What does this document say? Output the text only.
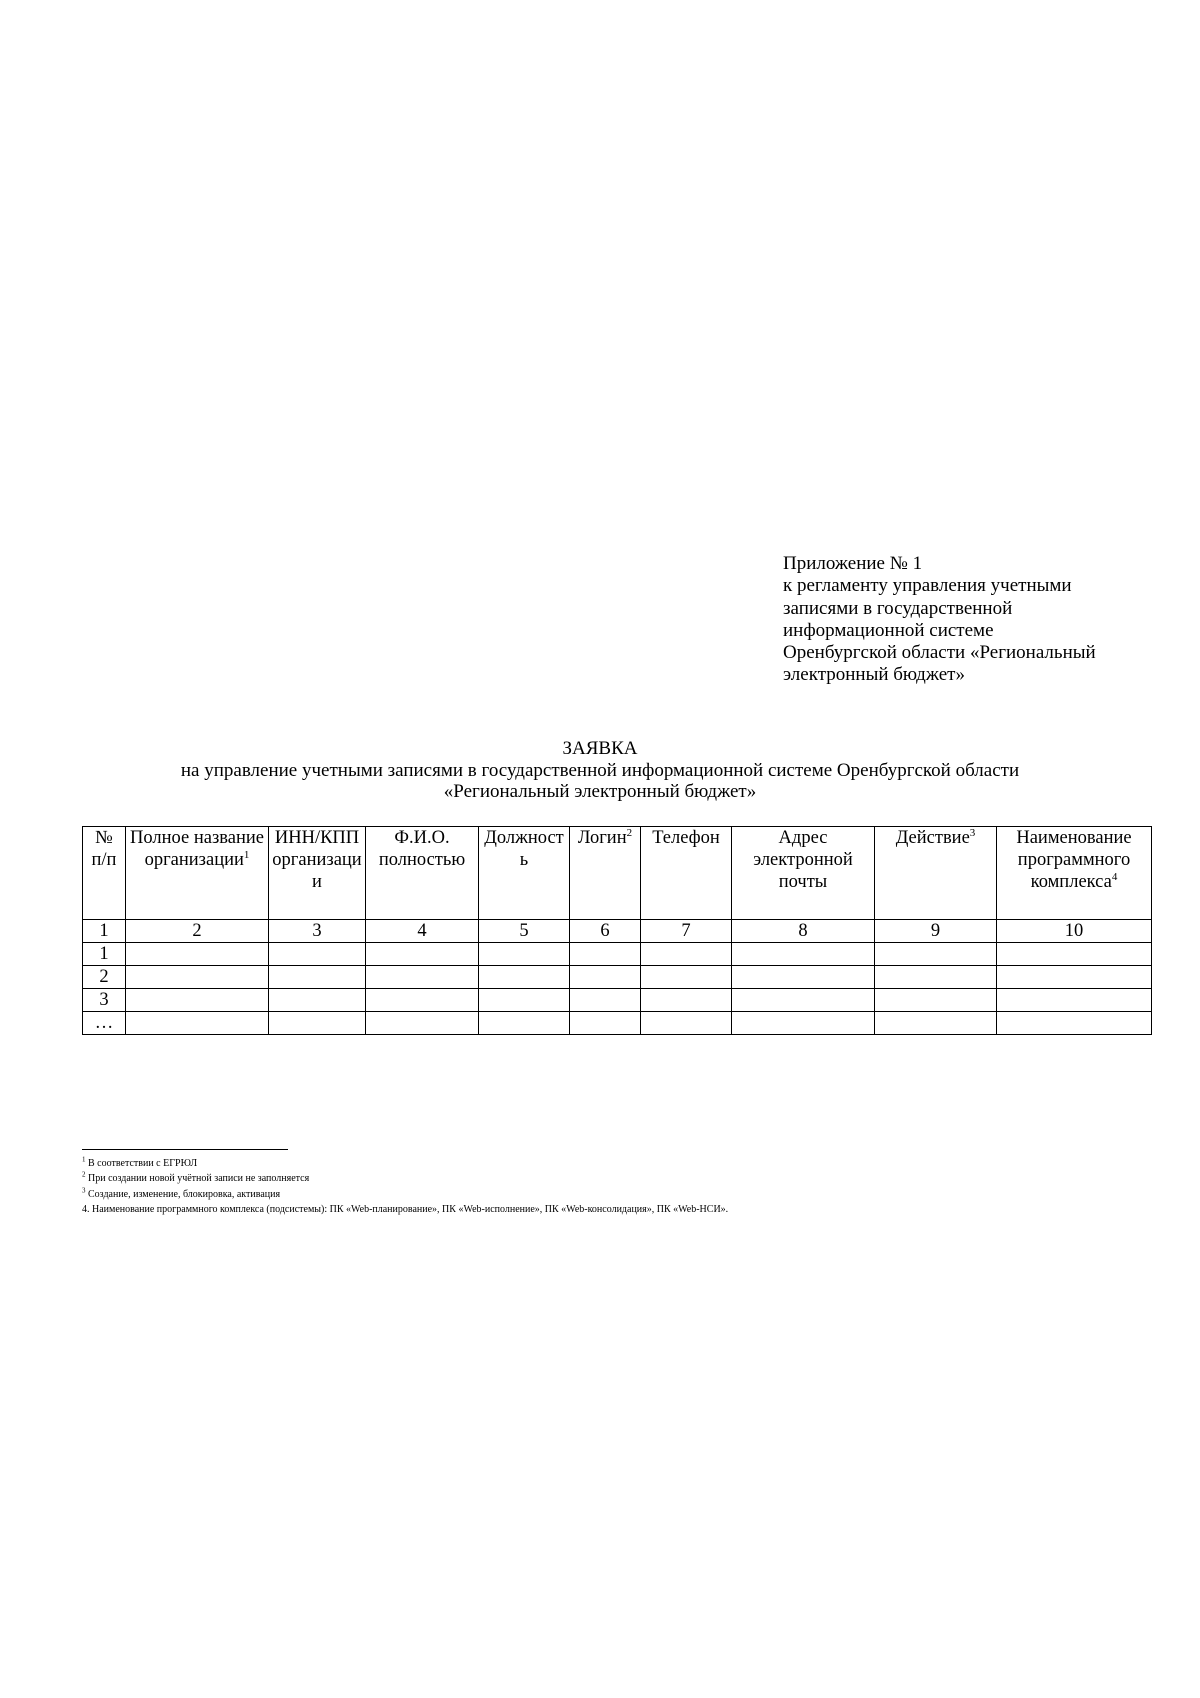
Приложение № 1
к регламенту управления учетными
записями в государственной
информационной системе
Оренбургской области «Региональный
электронный бюджет»
ЗАЯВКА
на управление учетными записями в государственной информационной системе Оренбургской области
«Региональный электронный бюджет»
№ п/п	Полное название организации$^1$	ИНН/КПП организации	Ф.И.О. полностью	Должность	Логин$^2$	Телефон	Адрес электронной почты	Действие$^3$	Наименование программного комплекса$^4$
1	2	3	4	5	6	7	8	9	10
1									
2									
3									
…									
$^1$ В соответствии с ЕГРЮЛ
$^2$ При создании новой учётной записи не заполняется
$^3$ Создание, изменение, блокировка, активация
4. Наименование программного комплекса (подсистемы): ПК «Web-планирование», ПК «Web-исполнение», ПК «Web-консолидация», ПК «Web-НСИ».
